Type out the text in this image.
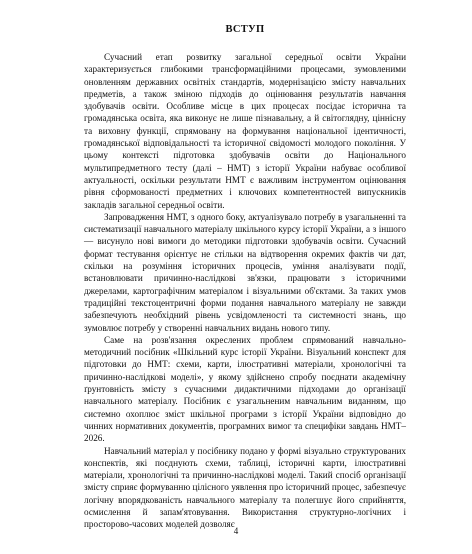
ВСТУП

Сучасний етап розвитку загальної середньої освіти України характеризується глибокими трансформаційними процесами, зумовленими оновленням державних освітніх стандартів, модернізацією змісту навчальних предметів, а також зміною підходів до оцінювання результатів навчання здобувачів освіти. Особливе місце в цих процесах посідає історична та громадянська освіта, яка виконує не лише пізнавальну, а й світоглядну, ціннісну та виховну функції, спрямовану на формування національної ідентичності, громадянської відповідальності та історичної свідомості молодого покоління. У цьому контексті підготовка здобувачів освіти до Національного мультипредметного тесту (далі – НМТ) з історії України набуває особливої актуальності, оскільки результати НМТ є важливим інструментом оцінювання рівня сформованості предметних і ключових компетентностей випускників закладів загальної середньої освіти.

Запровадження НМТ, з одного боку, актуалізувало потребу в узагальненні та систематизації навчального матеріалу шкільного курсу історії України, а з іншого — висунуло нові вимоги до методики підготовки здобувачів освіти. Сучасний формат тестування орієнтує не стільки на відтворення окремих фактів чи дат, скільки на розуміння історичних процесів, уміння аналізувати події, встановлювати причинно-наслідкові зв'язки, працювати з історичними джерелами, картографічним матеріалом і візуальними об'єктами. За таких умов традиційні текстоцентричні форми подання навчального матеріалу не завжди забезпечують необхідний рівень усвідомленості та системності знань, що зумовлює потребу у створенні навчальних видань нового типу.

Саме на розв'язання окреслених проблем спрямований навчально-методичний посібник «Шкільний курс історії України. Візуальний конспект для підготовки до НМТ: схеми, карти, ілюстративні матеріали, хронологічні та причинно-наслідкові моделі», у якому здійснено спробу поєднати академічну ґрунтовність змісту з сучасними дидактичними підходами до організації навчального матеріалу. Посібник є узагальненим навчальним виданням, що системно охоплює зміст шкільної програми з історії України відповідно до чинних нормативних документів, програмних вимог та специфіки завдань НМТ–2026.

Навчальний матеріал у посібнику подано у формі візуально структурованих конспектів, які поєднують схеми, таблиці, історичні карти, ілюстративні матеріали, хронологічні та причинно-наслідкові моделі. Такий спосіб організації змісту сприяє формуванню цілісного уявлення про історичний процес, забезпечує логічну впорядкованість навчального матеріалу та полегшує його сприйняття, осмислення й запам'ятовування. Використання структурно-логічних і просторово-часових моделей дозволяє

4
